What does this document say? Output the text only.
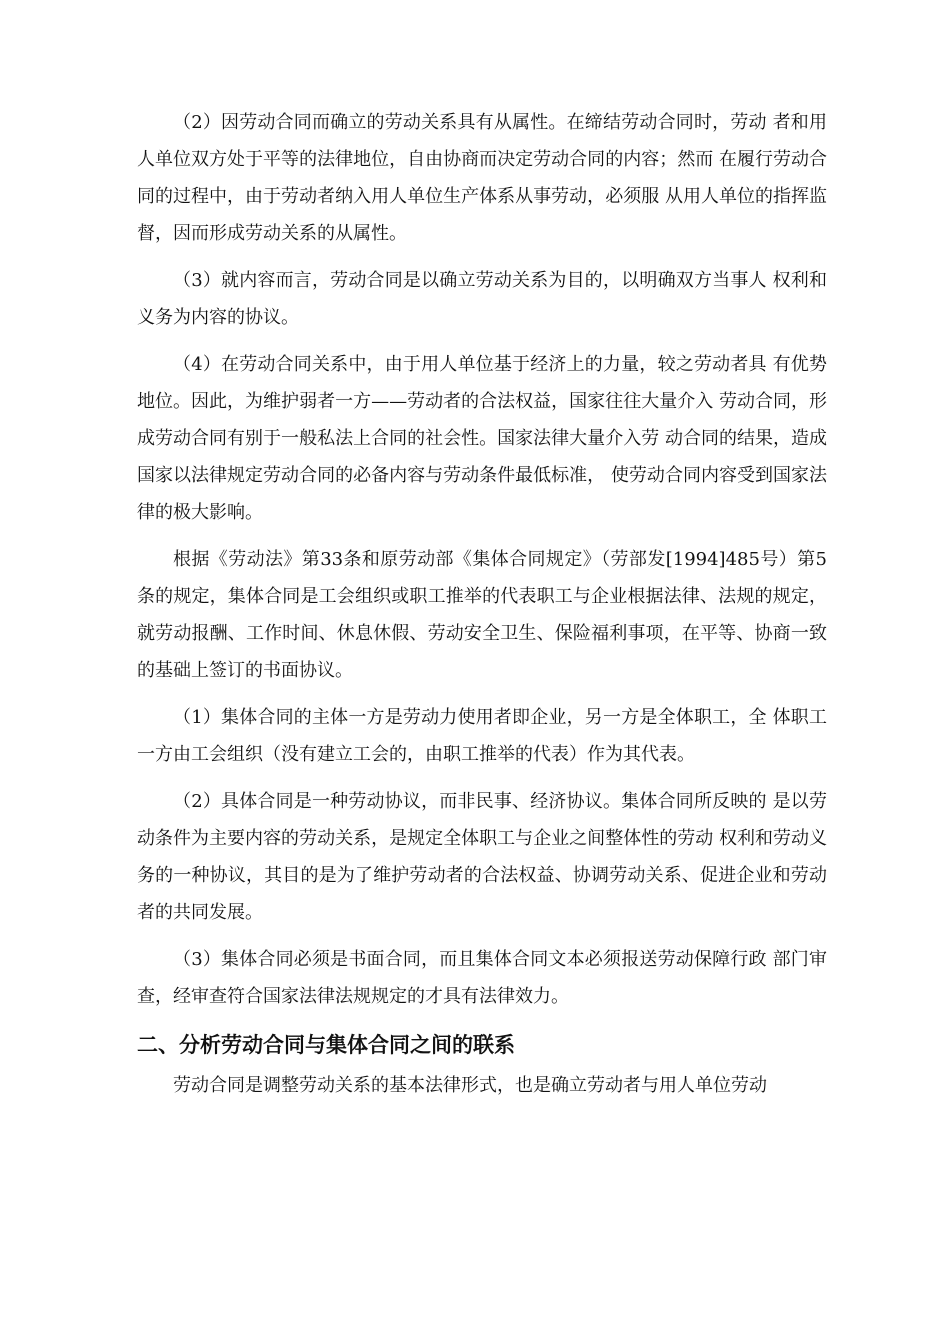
（2）因劳动合同而确立的劳动关系具有从属性。在缔结劳动合同时，劳动 者和用人单位双方处于平等的法律地位，自由协商而决定劳动合同的内容；然而 在履行劳动合同的过程中，由于劳动者纳入用人单位生产体系从事劳动，必须服 从用人单位的指挥监督，因而形成劳动关系的从属性。

（3）就内容而言，劳动合同是以确立劳动关系为目的，以明确双方当事人 权利和义务为内容的协议。

（4）在劳动合同关系中，由于用人单位基于经济上的力量，较之劳动者具 有优势地位。因此，为维护弱者一方——劳动者的合法权益，国家往往大量介入 劳动合同，形成劳动合同有别于一般私法上合同的社会性。国家法律大量介入劳 动合同的结果，造成国家以法律规定劳动合同的必备内容与劳动条件最低标准， 使劳动合同内容受到国家法律的极大影响。

根据《劳动法》第33条和原劳动部《集体合同规定》（劳部发[1994]485号）第5条的规定，集体合同是工会组织或职工推举的代表职工与企业根据法律、法规的规定，就劳动报酬、工作时间、休息休假、劳动安全卫生、保险福利事项，在平等、协商一致的基础上签订的书面协议。

（1）集体合同的主体一方是劳动力使用者即企业，另一方是全体职工，全 体职工一方由工会组织（没有建立工会的，由职工推举的代表）作为其代表。

（2）具体合同是一种劳动协议，而非民事、经济协议。集体合同所反映的 是以劳动条件为主要内容的劳动关系，是规定全体职工与企业之间整体性的劳动 权利和劳动义务的一种协议，其目的是为了维护劳动者的合法权益、协调劳动关系、促进企业和劳动者的共同发展。

（3）集体合同必须是书面合同，而且集体合同文本必须报送劳动保障行政 部门审查，经审查符合国家法律法规规定的才具有法律效力。

二、分析劳动合同与集体合同之间的联系

劳动合同是调整劳动关系的基本法律形式，也是确立劳动者与用人单位劳动
